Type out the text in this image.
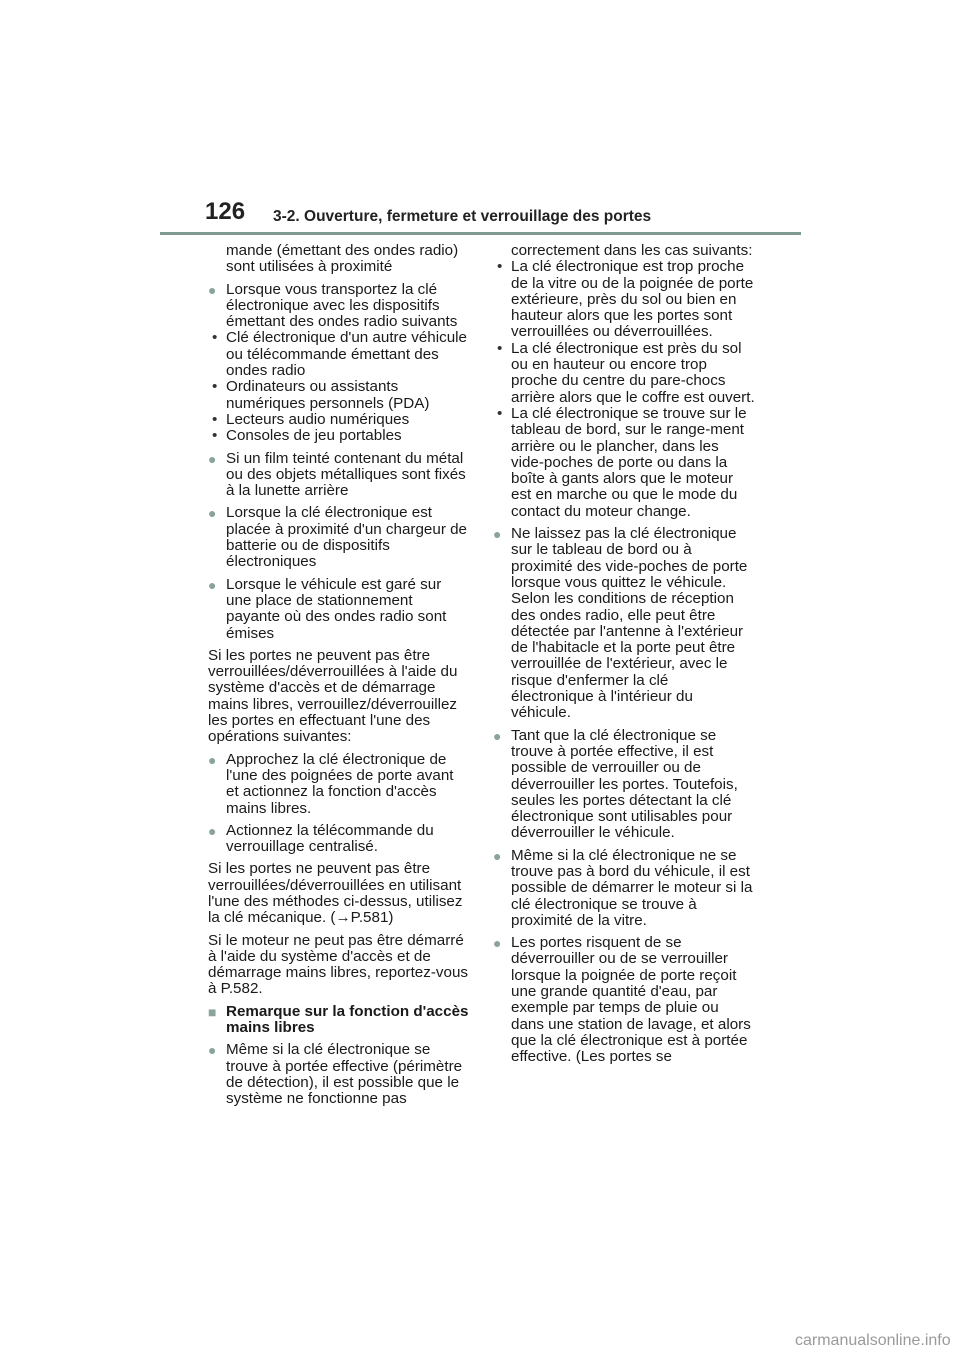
126 3-2. Ouverture, fermeture et verrouillage des portes
mande (émettant des ondes radio) sont utilisées à proximité
● Lorsque vous transportez la clé électronique avec les dispositifs émettant des ondes radio suivants
• Clé électronique d'un autre véhicule ou télécommande émettant des ondes radio
• Ordinateurs ou assistants numériques personnels (PDA)
• Lecteurs audio numériques
• Consoles de jeu portables
● Si un film teinté contenant du métal ou des objets métalliques sont fixés à la lunette arrière
● Lorsque la clé électronique est placée à proximité d'un chargeur de batterie ou de dispositifs électroniques
● Lorsque le véhicule est garé sur une place de stationnement payante où des ondes radio sont émises
Si les portes ne peuvent pas être verrouillées/déverrouillées à l'aide du système d'accès et de démarrage mains libres, verrouillez/déverrouillez les portes en effectuant l'une des opérations suivantes:
● Approchez la clé électronique de l'une des poignées de porte avant et actionnez la fonction d'accès mains libres.
● Actionnez la télécommande du verrouillage centralisé.
Si les portes ne peuvent pas être verrouillées/déverrouillées en utilisant l'une des méthodes ci-dessus, utilisez la clé mécanique. (→P.581)
Si le moteur ne peut pas être démarré à l'aide du système d'accès et de démarrage mains libres, reportez-vous à P.582.
■ Remarque sur la fonction d'accès mains libres
● Même si la clé électronique se trouve à portée effective (périmètre de détection), il est possible que le système ne fonctionne pas
correctement dans les cas suivants:
• La clé électronique est trop proche de la vitre ou de la poignée de porte extérieure, près du sol ou bien en hauteur alors que les portes sont verrouillées ou déverrouillées.
• La clé électronique est près du sol ou en hauteur ou encore trop proche du centre du pare-chocs arrière alors que le coffre est ouvert.
• La clé électronique se trouve sur le tableau de bord, sur le range-ment arrière ou le plancher, dans les vide-poches de porte ou dans la boîte à gants alors que le moteur est en marche ou que le mode du contact du moteur change.
● Ne laissez pas la clé électronique sur le tableau de bord ou à proximité des vide-poches de porte lorsque vous quittez le véhicule. Selon les conditions de réception des ondes radio, elle peut être détectée par l'antenne à l'extérieur de l'habitacle et la porte peut être verrouillée de l'extérieur, avec le risque d'enfermer la clé électronique à l'intérieur du véhicule.
● Tant que la clé électronique se trouve à portée effective, il est possible de verrouiller ou de déverrouiller les portes. Toutefois, seules les portes détectant la clé électronique sont utilisables pour déverrouiller le véhicule.
● Même si la clé électronique ne se trouve pas à bord du véhicule, il est possible de démarrer le moteur si la clé électronique se trouve à proximité de la vitre.
● Les portes risquent de se déverrouiller ou de se verrouiller lorsque la poignée de porte reçoit une grande quantité d'eau, par exemple par temps de pluie ou dans une station de lavage, et alors que la clé électronique est à portée effective. (Les portes se
carmanualsonline.info
